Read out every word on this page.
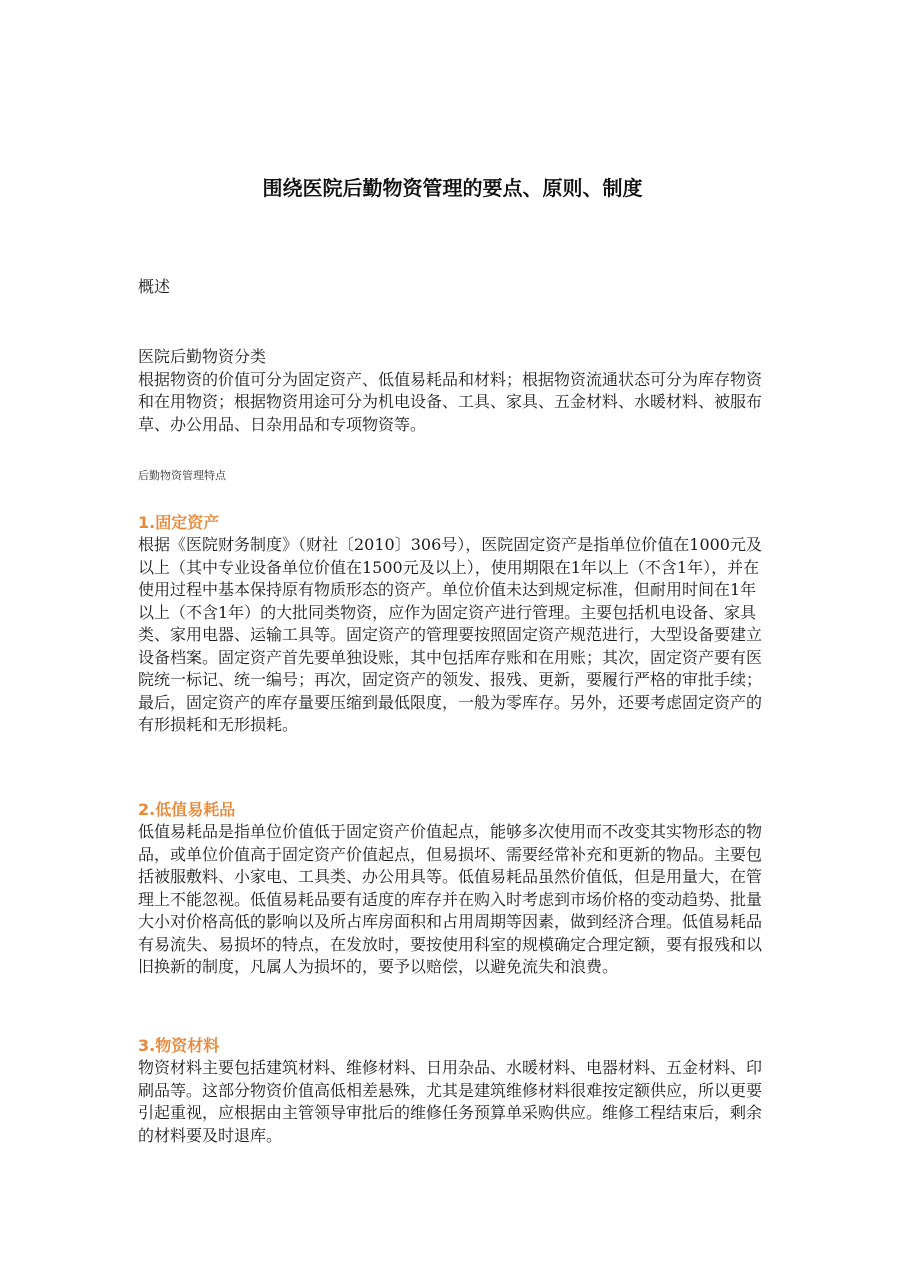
围绕医院后勤物资管理的要点、原则、制度
概述

医院后勤物资分类

根据物资的价值可分为固定资产、低值易耗品和材料；根据物资流通状态可分为库存物资和在用物资；根据物资用途可分为机电设备、工具、家具、五金材料、水暖材料、被服布草、办公用品、日杂用品和专项物资等。

后勤物资管理特点

1.固定资产

根据《医院财务制度》（财社〔2010〕306号），医院固定资产是指单位价值在1000元及以上（其中专业设备单位价值在1500元及以上），使用期限在1年以上（不含1年），并在使用过程中基本保持原有物质形态的资产。单位价值未达到规定标准，但耐用时间在1年以上（不含1年）的大批同类物资，应作为固定资产进行管理。主要包括机电设备、家具类、家用电器、运输工具等。固定资产的管理要按照固定资产规范进行，大型设备要建立设备档案。固定资产首先要单独设账，其中包括库存账和在用账；其次，固定资产要有医院统一标记、统一编号；再次，固定资产的领发、报残、更新，要履行严格的审批手续；最后，固定资产的库存量要压缩到最低限度，一般为零库存。另外，还要考虑固定资产的有形损耗和无形损耗。

2.低值易耗品

低值易耗品是指单位价值低于固定资产价值起点，能够多次使用而不改变其实物形态的物品，或单位价值高于固定资产价值起点，但易损坏、需要经常补充和更新的物品。主要包括被服敷料、小家电、工具类、办公用具等。低值易耗品虽然价值低，但是用量大，在管理上不能忽视。低值易耗品要有适度的库存并在购入时考虑到市场价格的变动趋势、批量大小对价格高低的影响以及所占库房面积和占用周期等因素，做到经济合理。低值易耗品有易流失、易损坏的特点，在发放时，要按使用科室的规模确定合理定额，要有报残和以旧换新的制度，凡属人为损坏的，要予以赔偿，以避免流失和浪费。

3.物资材料

物资材料主要包括建筑材料、维修材料、日用杂品、水暖材料、电器材料、五金材料、印刷品等。这部分物资价值高低相差悬殊，尤其是建筑维修材料很难按定额供应，所以更要引起重视，应根据由主管领导审批后的维修任务预算单采购供应。维修工程结束后，剩余的材料要及时退库。
